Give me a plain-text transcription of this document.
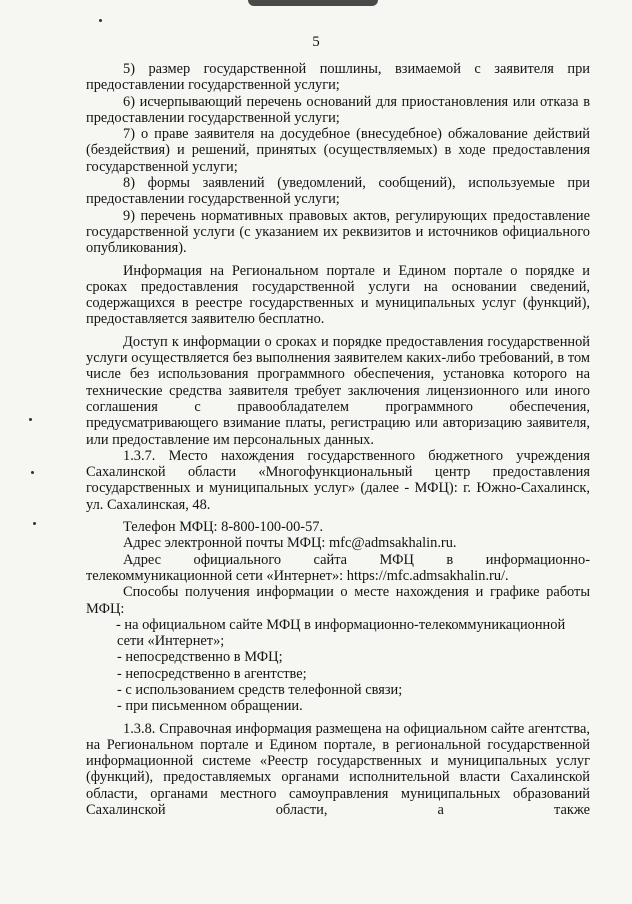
5

5) размер государственной пошлины, взимаемой с заявителя при предоставлении государственной услуги;

6) исчерпывающий перечень оснований для приостановления или отказа в предоставлении государственной услуги;

7) о праве заявителя на досудебное (внесудебное) обжалование действий (бездействия) и решений, принятых (осуществляемых) в ходе предоставления государственной услуги;

8) формы заявлений (уведомлений, сообщений), используемые при предоставлении государственной услуги;

9) перечень нормативных правовых актов, регулирующих предоставление государственной услуги (с указанием их реквизитов и источников официального опубликования).

Информация на Региональном портале и Едином портале о порядке и сроках предоставления государственной услуги на основании сведений, содержащихся в реестре государственных и муниципальных услуг (функций), предоставляется заявителю бесплатно.

Доступ к информации о сроках и порядке предоставления государственной услуги осуществляется без выполнения заявителем каких-либо требований, в том числе без использования программного обеспечения, установка которого на технические средства заявителя требует заключения лицензионного или иного соглашения с правообладателем программного обеспечения, предусматривающего взимание платы, регистрацию или авторизацию заявителя, или предоставление им персональных данных.

1.3.7. Место нахождения государственного бюджетного учреждения Сахалинской области «Многофункциональный центр предоставления государственных и муниципальных услуг» (далее - МФЦ): г. Южно-Сахалинск, ул. Сахалинская, 48.

Телефон МФЦ: 8-800-100-00-57.

Адрес электронной почты МФЦ: mfc@admsakhalin.ru.

Адрес официального сайта МФЦ в информационно-телекоммуникационной сети «Интернет»: https://mfc.admsakhalin.ru/.

Способы получения информации о месте нахождения и графике работы МФЦ:

- на официальном сайте МФЦ в информационно-телекоммуникационной сети «Интернет»;

- непосредственно в МФЦ;

- непосредственно в агентстве;

- с использованием средств телефонной связи;

- при письменном обращении.

1.3.8. Справочная информация размещена на официальном сайте агентства, на Региональном портале и Едином портале, в региональной государственной информационной системе «Реестр государственных и муниципальных услуг (функций), предоставляемых органами исполнительной власти Сахалинской области, органами местного самоуправления муниципальных образований Сахалинской области, а также
